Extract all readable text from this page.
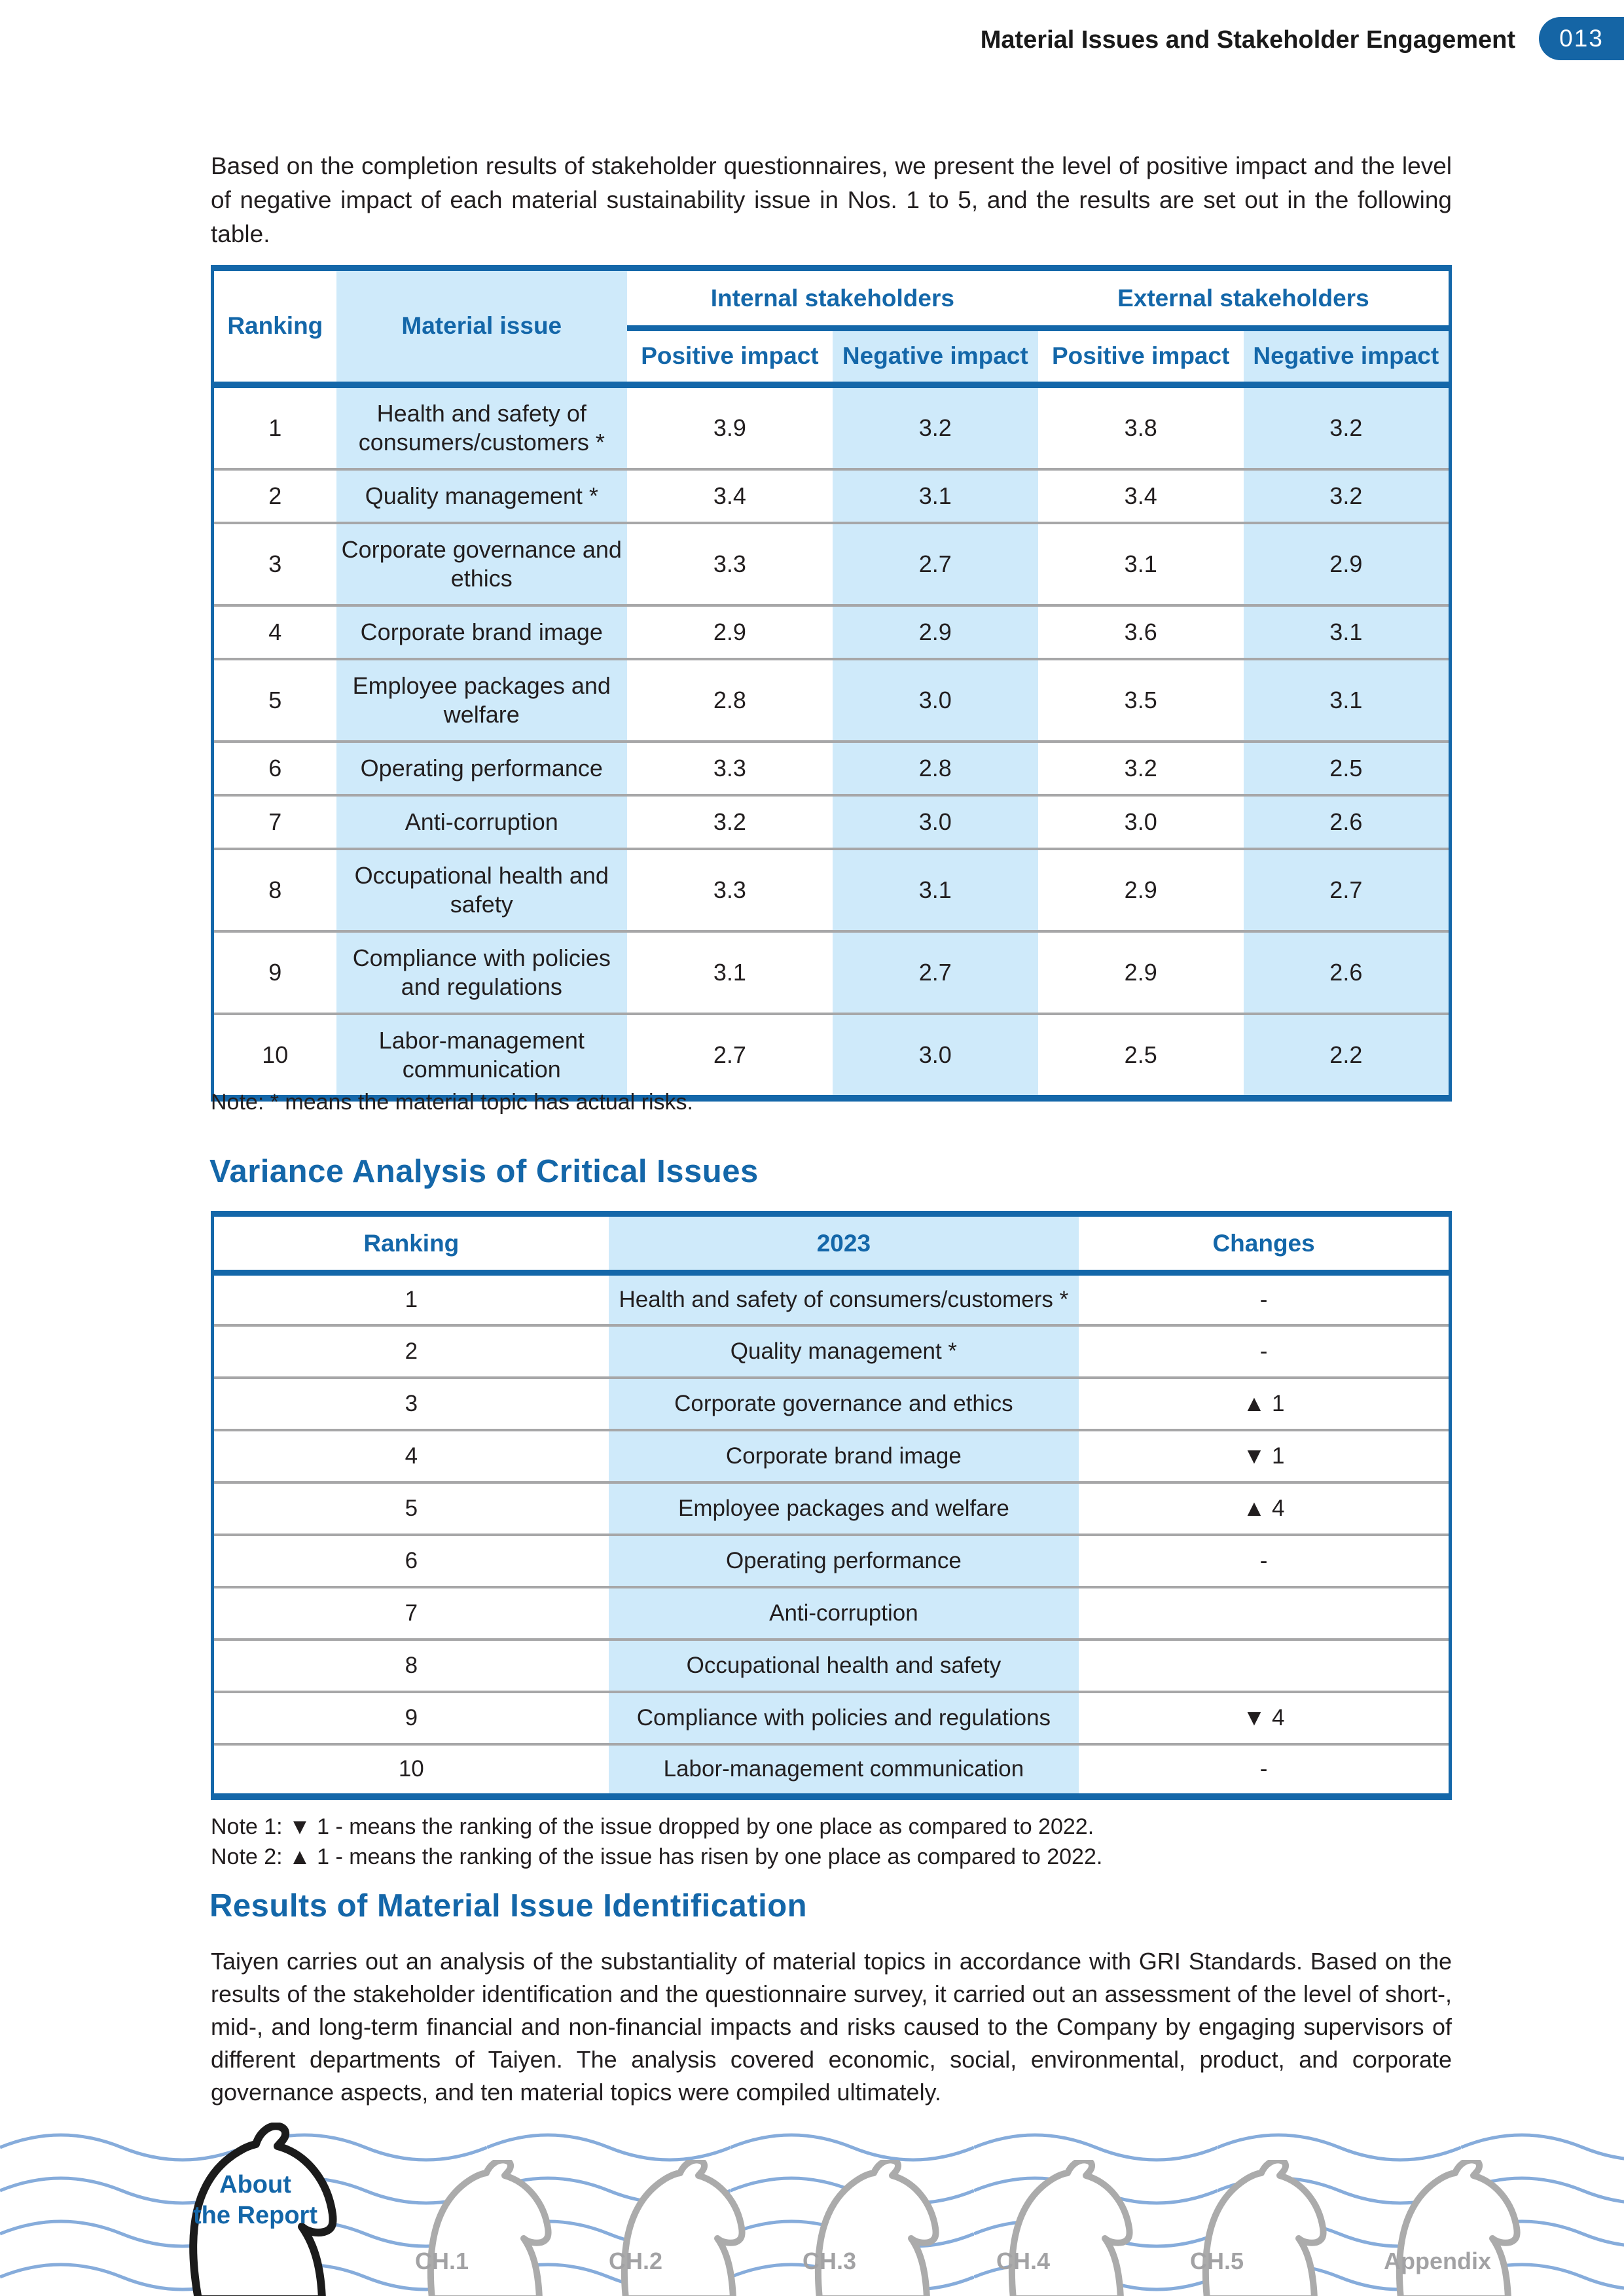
Material Issues and Stakeholder Engagement 013

Based on the completion results of stakeholder questionnaires, we present the level of positive impact and the level of negative impact of each material sustainability issue in Nos. 1 to 5, and the results are set out in the following table.

Ranking	Material issue	Internal stakeholders		External stakeholders	
		Positive impact	Negative impact	Positive impact	Negative impact
1	Health and safety of consumers/customers *	3.9	3.2	3.8	3.2
2	Quality management *	3.4	3.1	3.4	3.2
3	Corporate governance and ethics	3.3	2.7	3.1	2.9
4	Corporate brand image	2.9	2.9	3.6	3.1
5	Employee packages and welfare	2.8	3.0	3.5	3.1
6	Operating performance	3.3	2.8	3.2	2.5
7	Anti-corruption	3.2	3.0	3.0	2.6
8	Occupational health and safety	3.3	3.1	2.9	2.7
9	Compliance with policies and regulations	3.1	2.7	2.9	2.6
10	Labor-management communication	2.7	3.0	2.5	2.2
Note: * means the material topic has actual risks.
Variance Analysis of Critical Issues
Ranking	2023	Changes
1	Health and safety of consumers/customers *	-
2	Quality management *	-
3	Corporate governance and ethics	▲ 1
4	Corporate brand image	▼ 1
5	Employee packages and welfare	▲ 4
6	Operating performance	-
7	Anti-corruption	
8	Occupational health and safety	
9	Compliance with policies and regulations	▼ 4
10	Labor-management communication	-
Note 1: ▼ 1 - means the ranking of the issue dropped by one place as compared to 2022.
Note 2: ▲ 1 - means the ranking of the issue has risen by one place as compared to 2022.
Results of Material Issue Identification

Taiyen carries out an analysis of the substantiality of material topics in accordance with GRI Standards. Based on the results of the stakeholder identification and the questionnaire survey, it carried out an assessment of the level of short-, mid-, and long-term financial and non-financial impacts and risks caused to the Company by engaging supervisors of different departments of Taiyen. The analysis covered economic, social, environmental, product, and corporate governance aspects, and ten material topics were compiled ultimately.

CH.1	CH.2	CH.3	CH.4	CH.5	Appendix
About
the Report
